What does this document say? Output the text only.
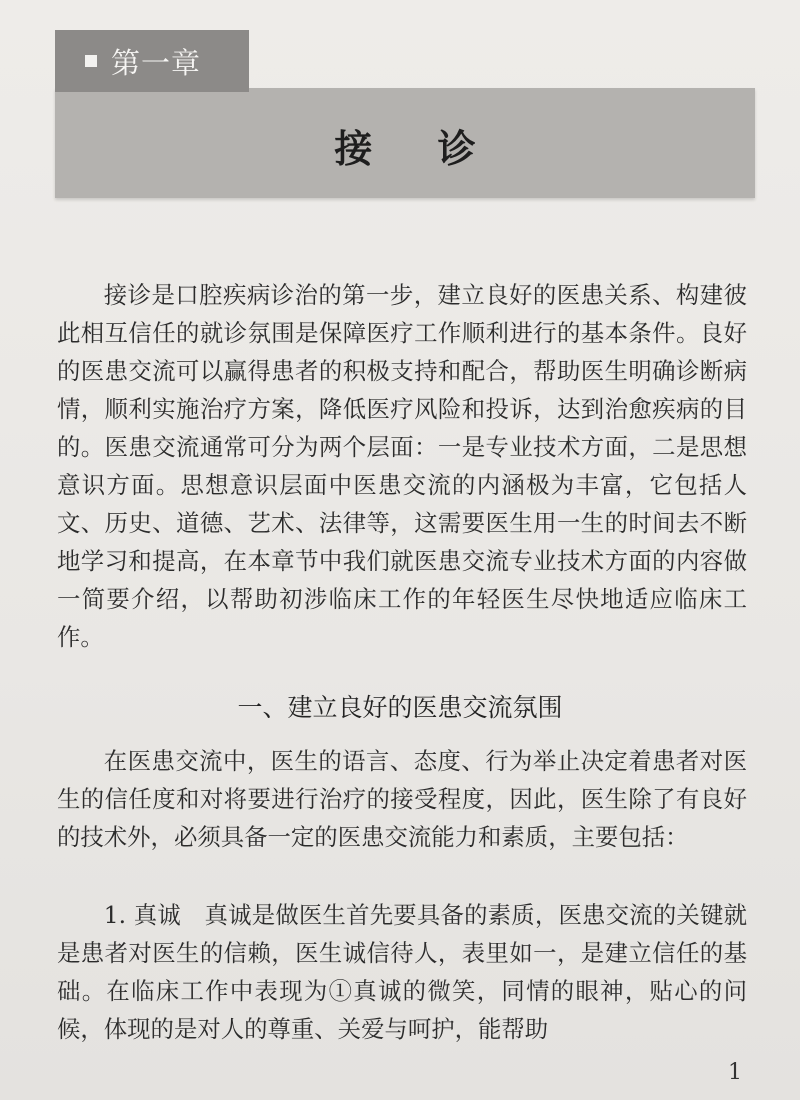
第一章
接 诊

接诊是口腔疾病诊治的第一步，建立良好的医患关系、构建彼此相互信任的就诊氛围是保障医疗工作顺利进行的基本条件。良好的医患交流可以赢得患者的积极支持和配合，帮助医生明确诊断病情，顺利实施治疗方案，降低医疗风险和投诉，达到治愈疾病的目的。医患交流通常可分为两个层面：一是专业技术方面，二是思想意识方面。思想意识层面中医患交流的内涵极为丰富，它包括人文、历史、道德、艺术、法律等，这需要医生用一生的时间去不断地学习和提高，在本章节中我们就医患交流专业技术方面的内容做一简要介绍，以帮助初涉临床工作的年轻医生尽快地适应临床工作。

一、建立良好的医患交流氛围

在医患交流中，医生的语言、态度、行为举止决定着患者对医生的信任度和对将要进行治疗的接受程度，因此，医生除了有良好的技术外，必须具备一定的医患交流能力和素质，主要包括：

1. 真诚　真诚是做医生首先要具备的素质，医患交流的关键就是患者对医生的信赖，医生诚信待人，表里如一，是建立信任的基础。在临床工作中表现为①真诚的微笑，同情的眼神，贴心的问候，体现的是对人的尊重、关爱与呵护，能帮助

1
